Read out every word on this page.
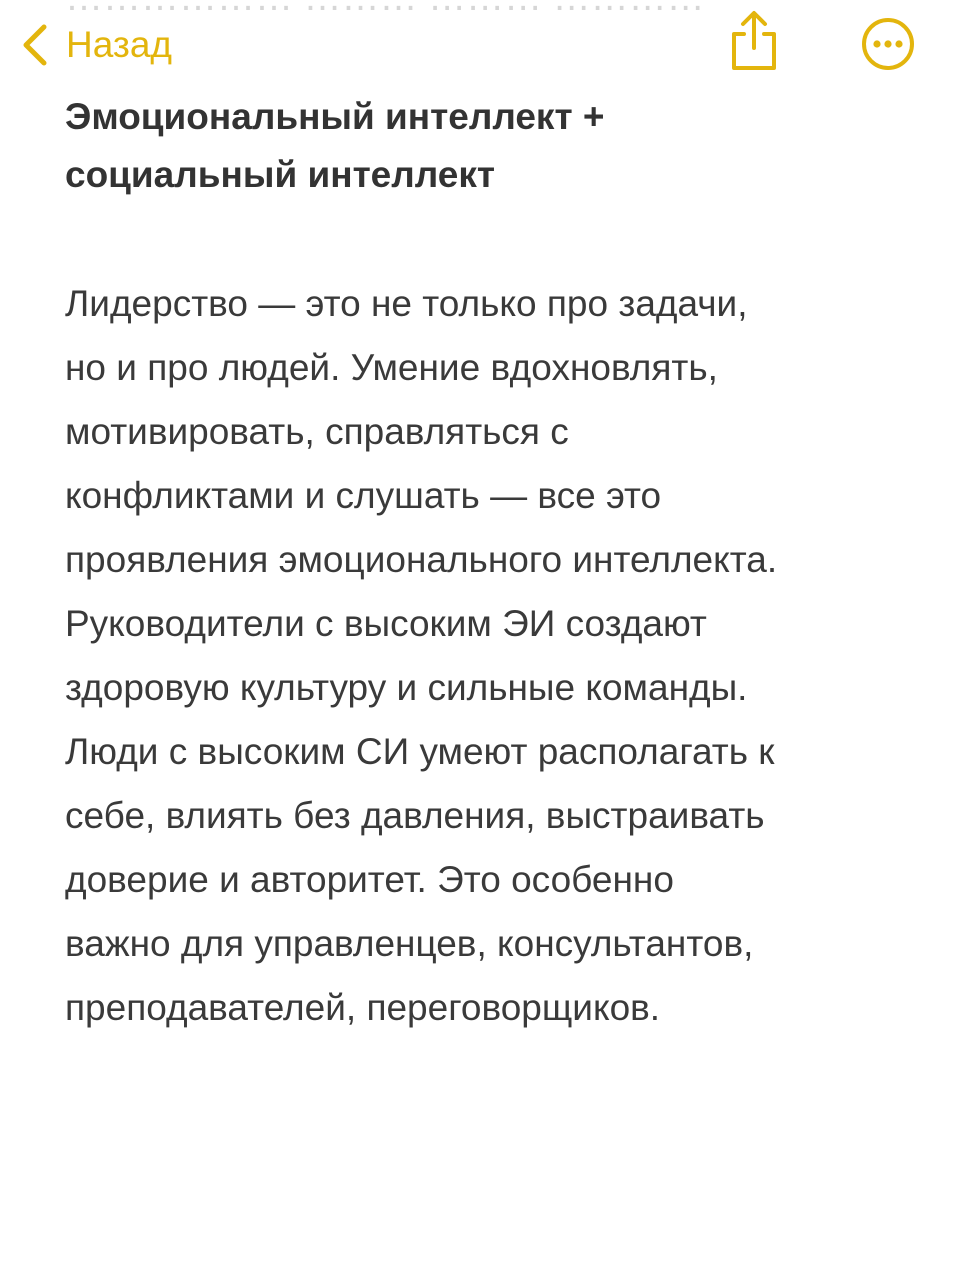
Назад
Эмоциональный интеллект +
социальный интеллект
Лидерство — это не только про задачи,
но и про людей. Умение вдохновлять,
мотивировать, справляться с
конфликтами и слушать — все это
проявления эмоционального интеллекта.
Руководители с высоким ЭИ создают
здоровую культуру и сильные команды.
Люди с высоким СИ умеют располагать к
себе, влиять без давления, выстраивать
доверие и авторитет. Это особенно
важно для управленцев, консультантов,
преподавателей, переговорщиков.
